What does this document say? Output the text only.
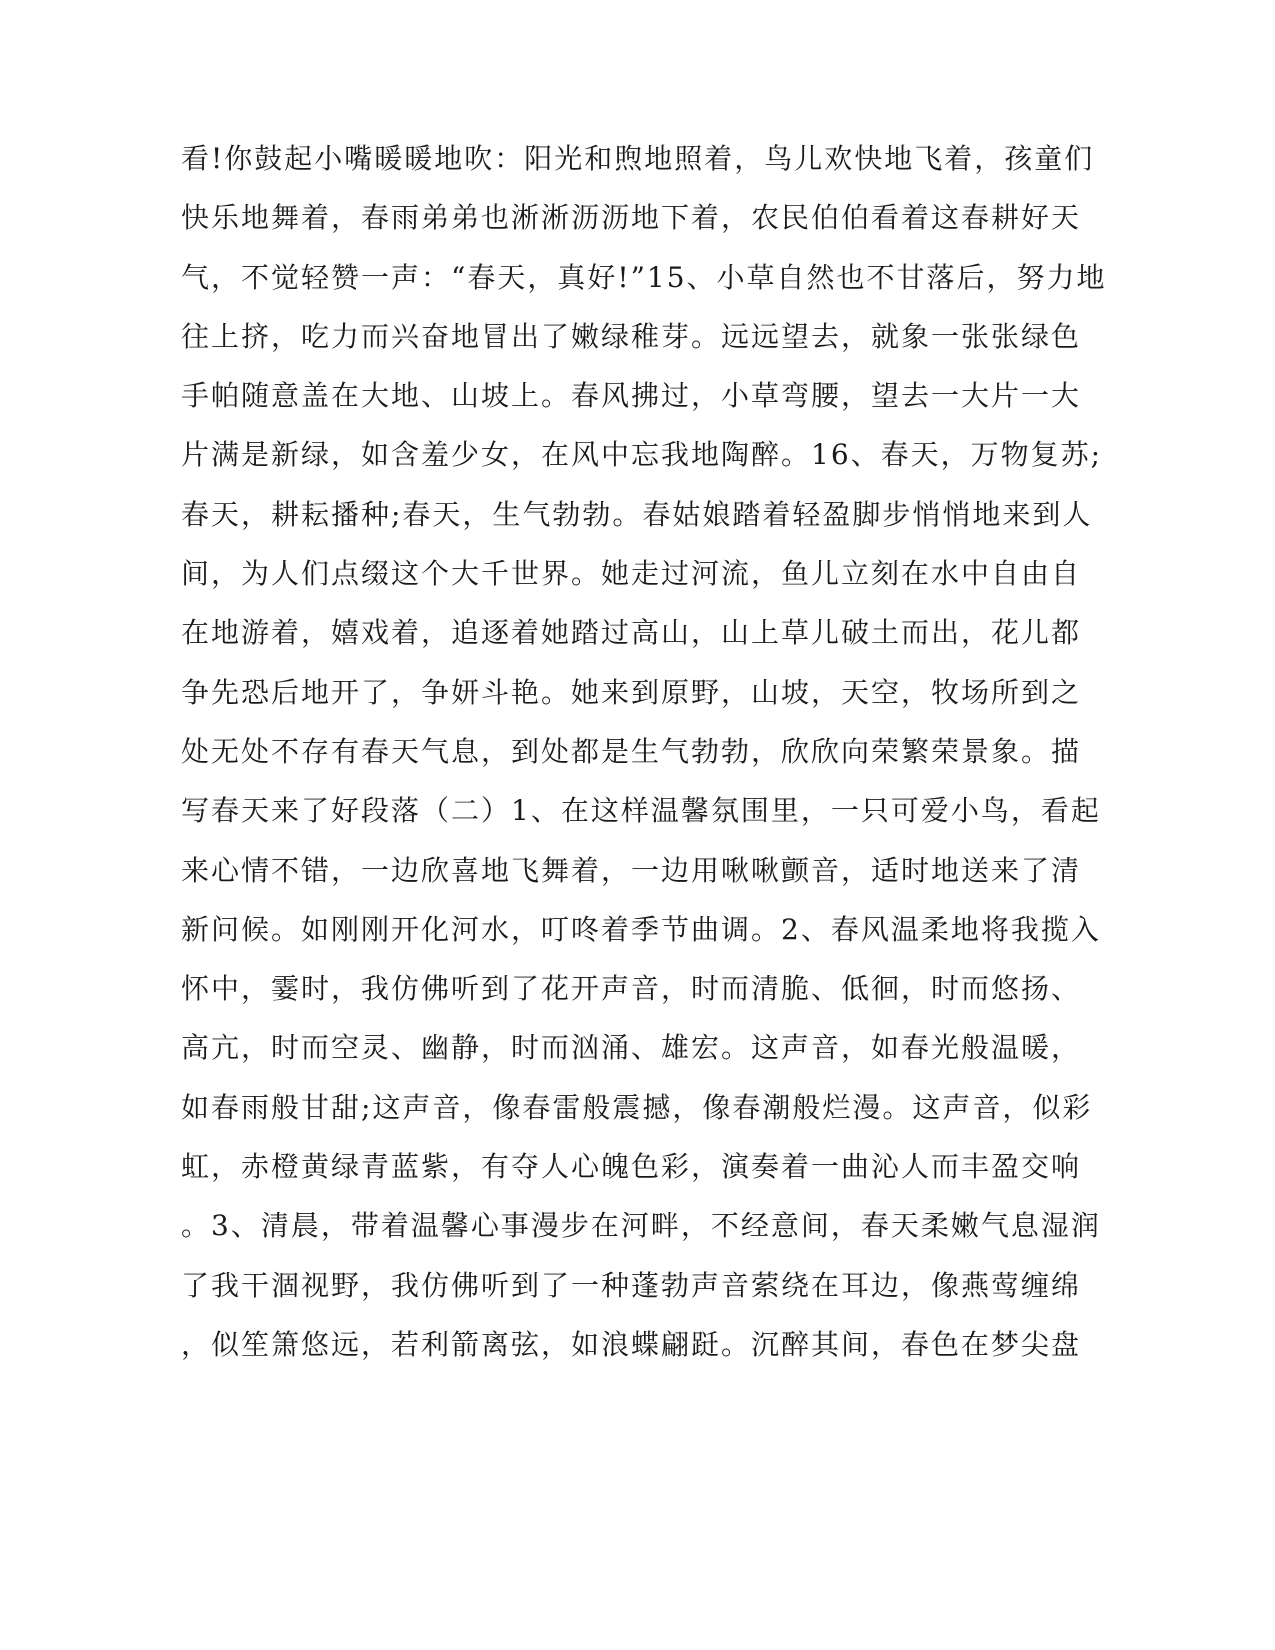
看!你鼓起小嘴暖暖地吹：阳光和煦地照着，鸟儿欢快地飞着，孩童们
快乐地舞着，春雨弟弟也淅淅沥沥地下着，农民伯伯看着这春耕好天
气，不觉轻赞一声：“春天，真好!”15、小草自然也不甘落后，努力地
往上挤，吃力而兴奋地冒出了嫩绿稚芽。远远望去，就象一张张绿色
手帕随意盖在大地、山坡上。春风拂过，小草弯腰，望去一大片一大
片满是新绿，如含羞少女，在风中忘我地陶醉。16、春天，万物复苏;
春天，耕耘播种;春天，生气勃勃。春姑娘踏着轻盈脚步悄悄地来到人
间，为人们点缀这个大千世界。她走过河流，鱼儿立刻在水中自由自
在地游着，嬉戏着，追逐着她踏过高山，山上草儿破土而出，花儿都
争先恐后地开了，争妍斗艳。她来到原野，山坡，天空，牧场所到之
处无处不存有春天气息，到处都是生气勃勃，欣欣向荣繁荣景象。描
写春天来了好段落（二）1、在这样温馨氛围里，一只可爱小鸟，看起
来心情不错，一边欣喜地飞舞着，一边用啾啾颤音，适时地送来了清
新问候。如刚刚开化河水，叮咚着季节曲调。2、春风温柔地将我揽入
怀中，霎时，我仿佛听到了花开声音，时而清脆、低徊，时而悠扬、
高亢，时而空灵、幽静，时而汹涌、雄宏。这声音，如春光般温暖，
如春雨般甘甜;这声音，像春雷般震撼，像春潮般烂漫。这声音，似彩
虹，赤橙黄绿青蓝紫，有夺人心魄色彩，演奏着一曲沁人而丰盈交响
。3、清晨，带着温馨心事漫步在河畔，不经意间，春天柔嫩气息湿润
了我干涸视野，我仿佛听到了一种蓬勃声音萦绕在耳边，像燕莺缠绵
，似笙箫悠远，若利箭离弦，如浪蝶翩跹。沉醉其间，春色在梦尖盘
